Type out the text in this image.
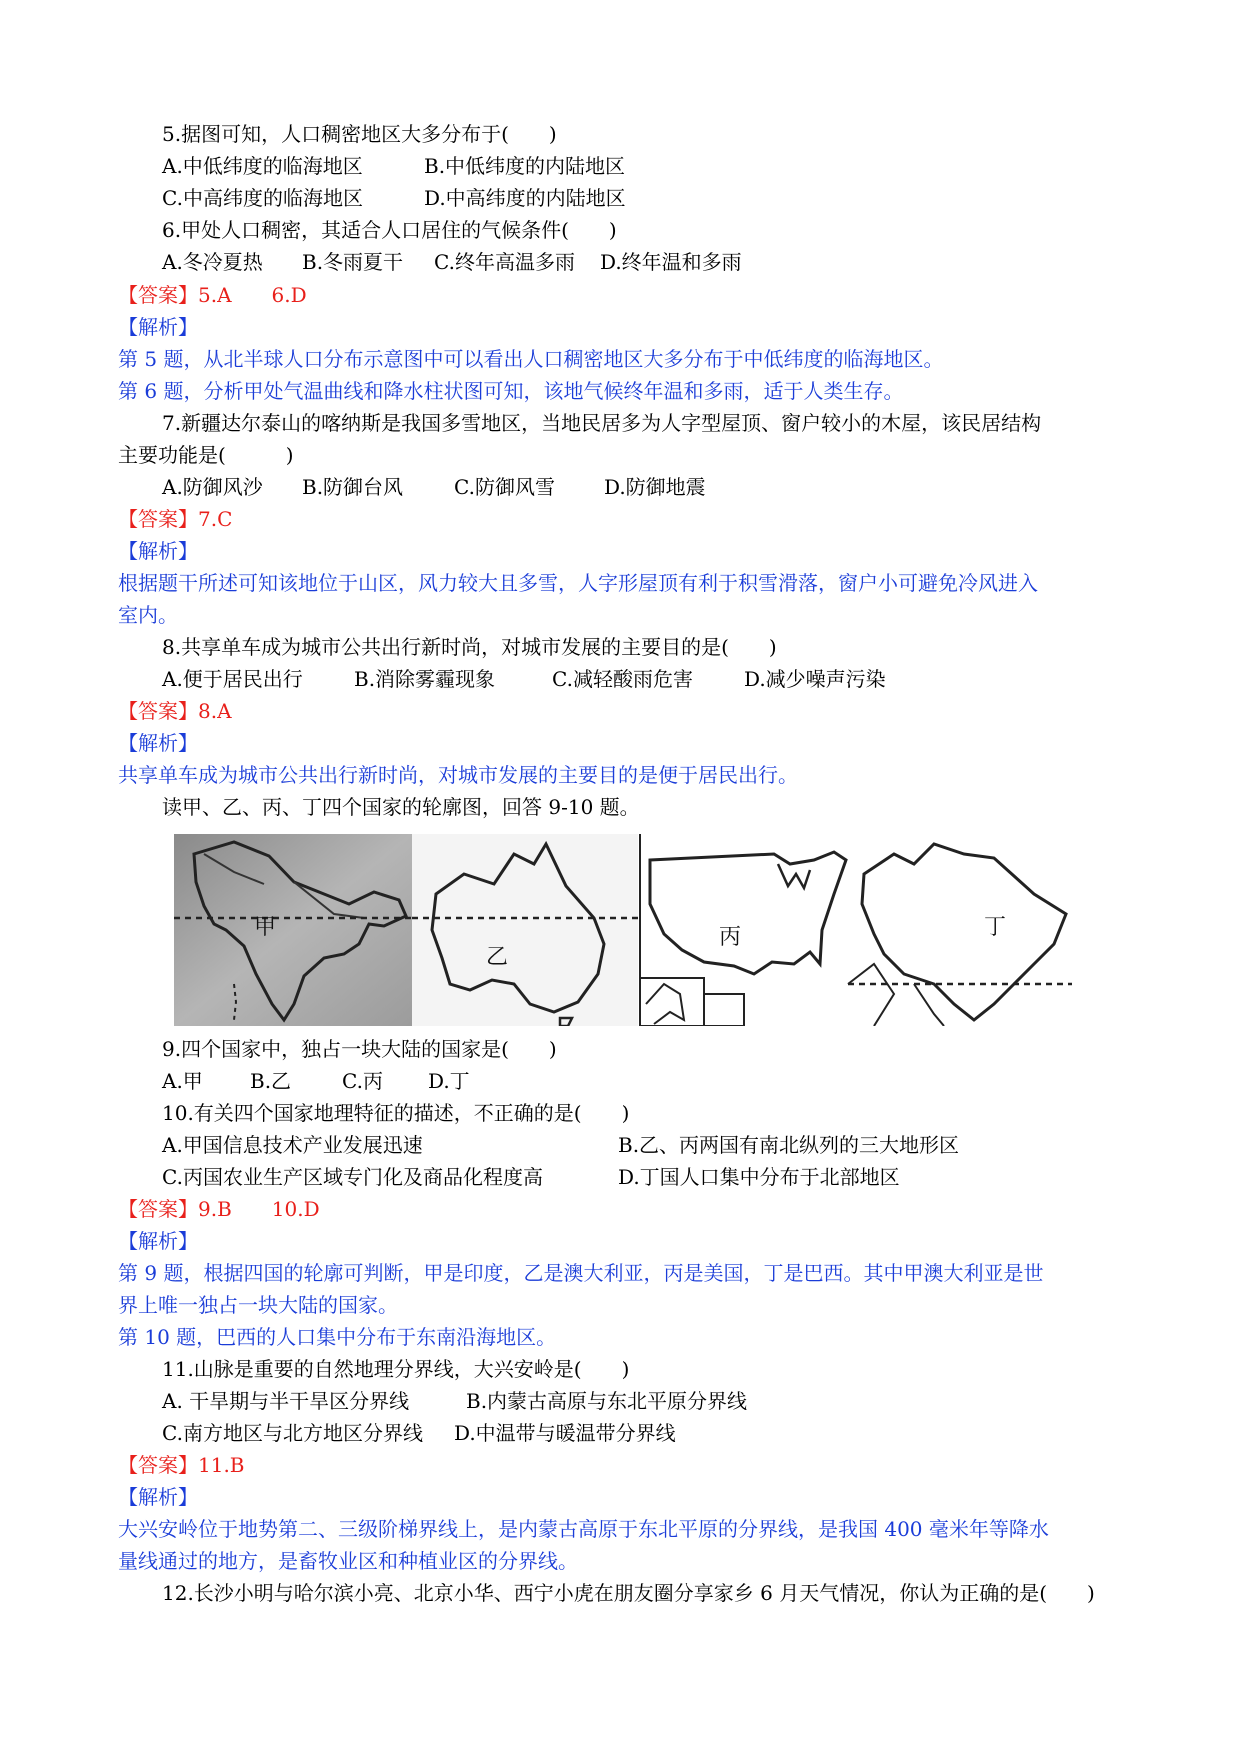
5.据图可知，人口稠密地区大多分布于(　　)

A.中低纬度的临海地区

	B.中低纬度的内陆地区

C.中高纬度的临海地区

	D.中高纬度的内陆地区

6.甲处人口稠密，其适合人口居住的气候条件(　　)

A.冬冷夏热

B.冬雨夏干

C.终年高温多雨

D.终年温和多雨

【答案】5.A　　6.D
【解析】
第 5 题，从北半球人口分布示意图中可以看出人口稠密地区大多分布于中低纬度的临海地区。
第 6 题，分析甲处气温曲线和降水柱状图可知，该地气候终年温和多雨，适于人类生存。
7.新疆达尔泰山的喀纳斯是我国多雪地区，当地民居多为人字型屋顶、窗户较小的木屋，该民居结构
主要功能是(　　　)

A.防御风沙

B.防御台风

	C.防御风雪

D.防御地震

【答案】7.C
【解析】
根据题干所述可知该地位于山区，风力较大且多雪，人字形屋顶有利于积雪滑落，窗户小可避免冷风进入
室内。
8.共享单车成为城市公共出行新时尚，对城市发展的主要目的是(　　)

A.便于居民出行

	B.消除雾霾现象

	C.减轻酸雨危害

	D.减少噪声污染

【答案】8.A
【解析】
共享单车成为城市公共出行新时尚，对城市发展的主要目的是便于居民出行。
读甲、乙、丙、丁四个国家的轮廓图，回答 9-10 题。
甲
乙
丙	丁
9.四个国家中，独占一块大陆的国家是(　　)

A.甲

B.乙

	C.丙

D.丁

10.有关四个国家地理特征的描述，不正确的是(　　)

A.甲国信息技术产业发展迅速

	B.乙、丙两国有南北纵列的三大地形区

C.丙国农业生产区域专门化及商品化程度高

	D.丁国人口集中分布于北部地区

【答案】9.B　　10.D
【解析】
第 9 题，根据四国的轮廓可判断，甲是印度，乙是澳大利亚，丙是美国，丁是巴西。其中甲澳大利亚是世
界上唯一独占一块大陆的国家。
第 10 题，巴西的人口集中分布于东南沿海地区。
11.山脉是重要的自然地理分界线，大兴安岭是(　　)

A. 干旱期与半干旱区分界线

	B.内蒙古高原与东北平原分界线

C.南方地区与北方地区分界线

D.中温带与暖温带分界线

【答案】11.B
【解析】
大兴安岭位于地势第二、三级阶梯界线上，是内蒙古高原于东北平原的分界线，是我国 400 毫米年等降水
量线通过的地方，是畜牧业区和种植业区的分界线。
12.长沙小明与哈尔滨小亮、北京小华、西宁小虎在朋友圈分享家乡 6 月天气情况，你认为正确的是(　　)
